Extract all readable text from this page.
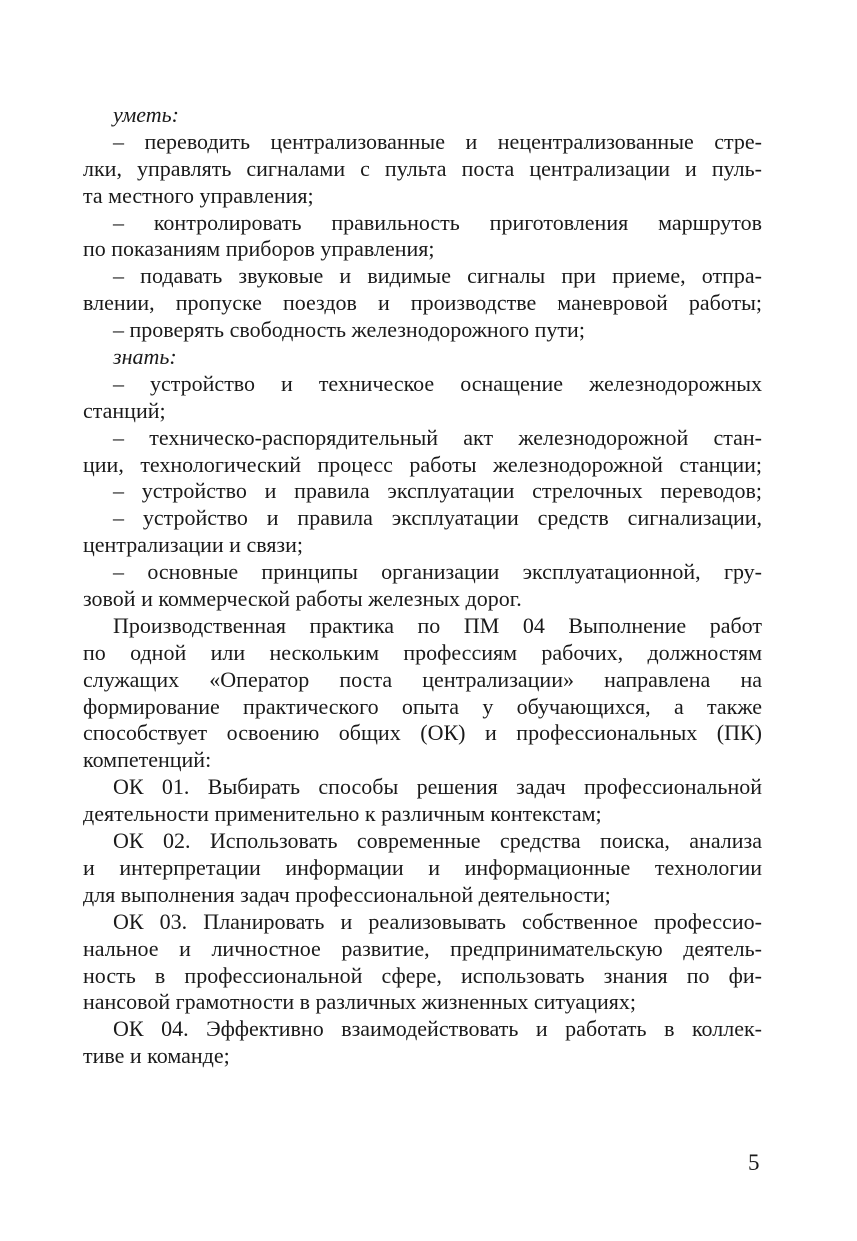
уметь:
– переводить централизованные и нецентрализованные стре-
лки, управлять сигналами с пульта поста централизации и пуль-
та местного управления;
– контролировать правильность приготовления маршрутов
по показаниям приборов управления;
– подавать звуковые и видимые сигналы при приеме, отпра-
влении, пропуске поездов и производстве маневровой работы;
– проверять свободность железнодорожного пути;
знать:
– устройство и техническое оснащение железнодорожных
станций;
– техническо-распорядительный акт железнодорожной стан-
ции, технологический процесс работы железнодорожной станции;
– устройство и правила эксплуатации стрелочных переводов;
– устройство и правила эксплуатации средств сигнализации,
централизации и связи;
– основные принципы организации эксплуатационной, гру-
зовой и коммерческой работы железных дорог.
Производственная практика по ПМ 04 Выполнение работ
по одной или нескольким профессиям рабочих, должностям
служащих «Оператор поста централизации» направлена на
формирование практического опыта у обучающихся, а также
способствует освоению общих (ОК) и профессиональных (ПК)
компетенций:
ОК 01. Выбирать способы решения задач профессиональной
деятельности применительно к различным контекстам;
ОК 02. Использовать современные средства поиска, анализа
и интерпретации информации и информационные технологии
для выполнения задач профессиональной деятельности;
ОК 03. Планировать и реализовывать собственное профессио-
нальное и личностное развитие, предпринимательскую деятель-
ность в профессиональной сфере, использовать знания по фи-
нансовой грамотности в различных жизненных ситуациях;
ОК 04. Эффективно взаимодействовать и работать в коллек-
тиве и команде;
5
